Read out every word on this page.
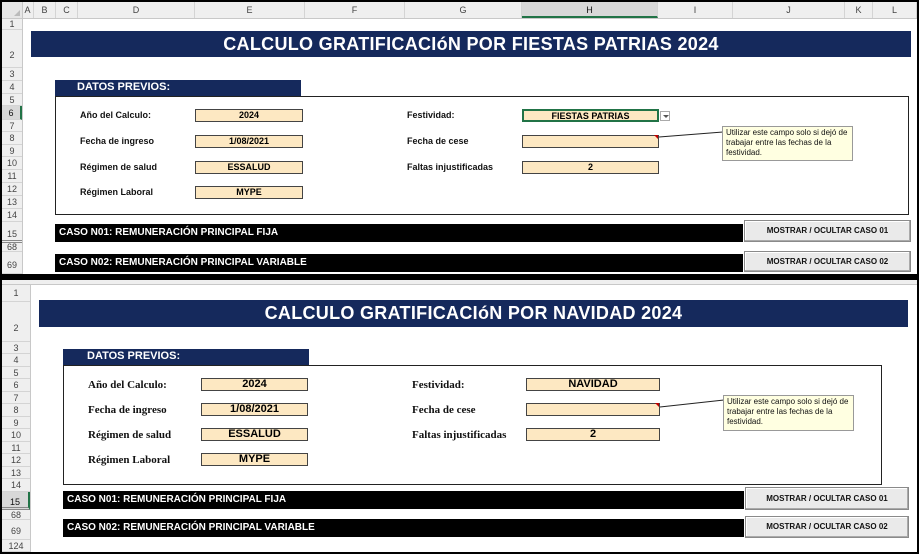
A	B	C	D	E	F	G	H	I	J	K	L
1
2
3
4
5
6
7
8
9
10
11
12
13
14
15
68
69
CALCULO GRATIFICACIóN POR FIESTAS PATRIAS 2024
DATOS PREVIOS:
Año del Calculo:	2024
Fecha de ingreso	1/08/2021
Régimen de salud	ESSALUD
Régimen Laboral	MYPE
Festividad:	FIESTAS PATRIAS
Fecha de cese
Faltas injustificadas	2
Utilizar este campo solo si dejó de trabajar entre las fechas de la festividad.
CASO N01: REMUNERACIÓN PRINCIPAL FIJA	MOSTRAR / OCULTAR CASO 01
CASO N02: REMUNERACIÓN PRINCIPAL VARIABLE	MOSTRAR / OCULTAR CASO 02
1
2
3
4
5
6
7
8
9
10
11
12
13
14
15
68
69
124
CALCULO GRATIFICACIóN POR NAVIDAD 2024
DATOS PREVIOS:
Año del Calculo:	2024
Fecha de ingreso	1/08/2021
Régimen de salud	ESSALUD
Régimen Laboral	MYPE
Festividad:	NAVIDAD
Fecha de cese
Faltas injustificadas	2
Utilizar este campo solo si dejó de trabajar entre las fechas de la festividad.
CASO N01: REMUNERACIÓN PRINCIPAL FIJA	MOSTRAR / OCULTAR CASO 01
CASO N02: REMUNERACIÓN PRINCIPAL VARIABLE	MOSTRAR / OCULTAR CASO 02
